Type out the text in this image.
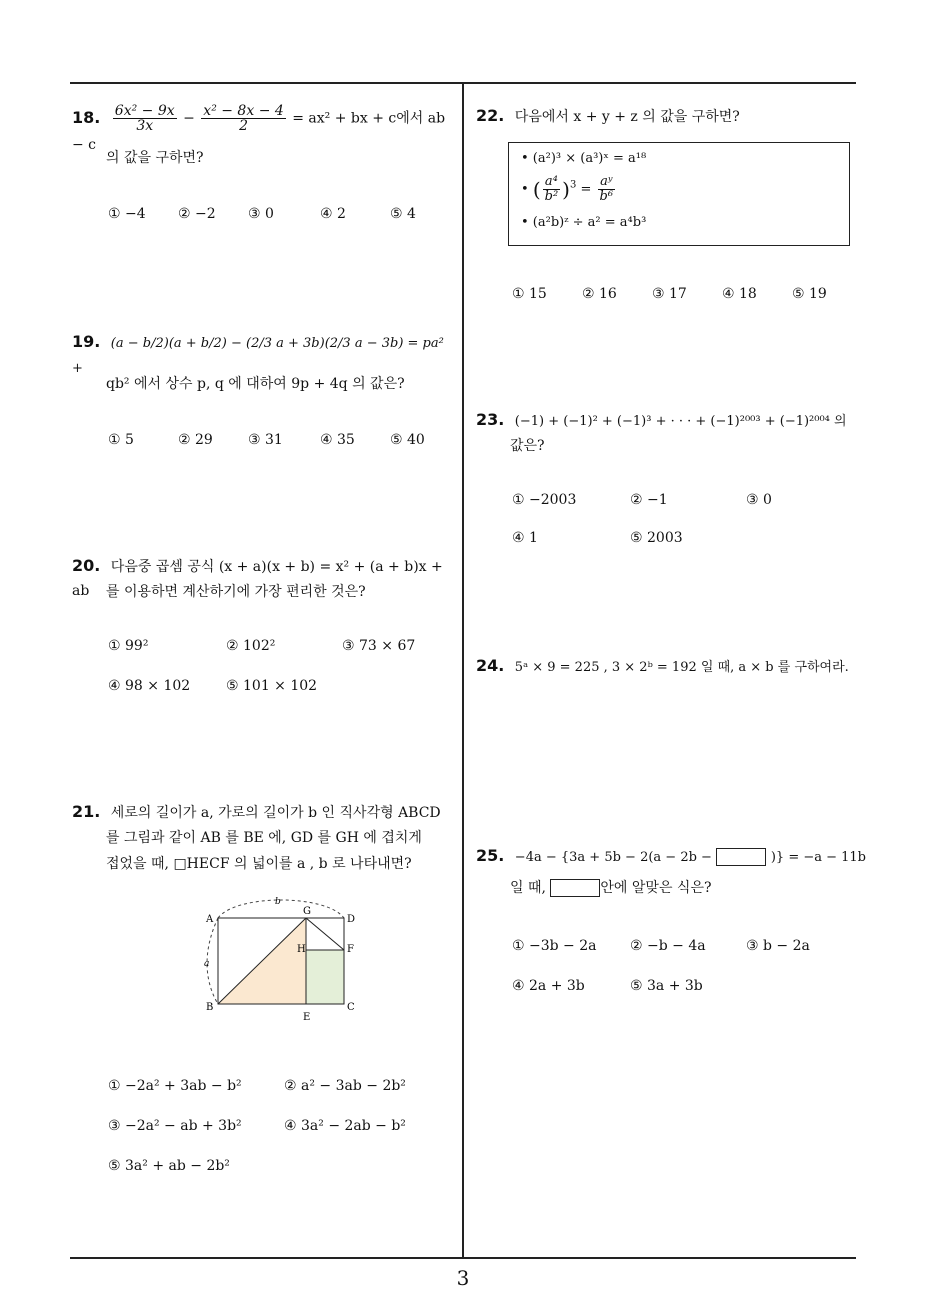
18. $\frac{\text{6x² − 9x}}{3x} - \frac{\text{x² − 8x − 4}}{2} = ax^2$ + bx + c에서 ab − c
의 값을 구하면?
① −4 ② −2 ③ 0	④ 2	⑤ 4
19. (a − b/2)(a + b/2) − (2/3 a + 3b)(2/3 a − 3b) = pa² +
qb² 에서 상수 p, q 에 대하여 9p + 4q 의 값은?
① 5	② 29	③ 31	④ 35	⑤ 40
20. 다음중 곱셈 공식 (x + a)(x + b) = x² + (a + b)x + ab	를 이용하면 계산하기에 가장 편리한 것은?
① 99²	② 102²	③ 73 × 67
④ 98 × 102	⑤ 101 × 102
21. 세로의 길이가 a, 가로의 길이가 b 인 직사각형 ABCD
를 그림과 같이 AB 를 BE 에, GD 를 GH 에 겹치게
접었을 때, □HECF 의 넓이를 a , b 로 나타내면?
A
B	C
D
E
F
G
H
a
b
① −2a² + 3ab − b²	② a² − 3ab − 2b²
③ −2a² − ab + 3b²	④ 3a² − 2ab − b²
⑤ 3a² + ab − 2b²
22. 다음에서 x + y + z 의 값을 구하면?
• (a²)³ × (a³)ˣ = a¹⁸
• ( $\frac{\text{a⁴}}{\text{b²}} )^3 = \frac{\text{aʸ}}{\text{b⁶}}$
• (a²b)ᶻ ÷ a² = a⁴b³
① 15	② 16	③ 17	④ 18	⑤ 19
23. (−1) + (−1)² + (−1)³ + · · · + (−1)²⁰⁰³ + (−1)²⁰⁰⁴ 의
값은?
① −2003	② −1	③ 0
④ 1	⑤ 2003
24. 5ᵃ × 9 = 225 , 3 × 2ᵇ = 192 일 때, a × b 를 구하여라.
25. −4a − {3a + 5b − 2(a − 2b −	)} = −a − 11b
일 때,	안에 알맞은 식은?
① −3b − 2a ② −b − 4a	③ b − 2a
④ 2a + 3b	⑤ 3a + 3b
3
